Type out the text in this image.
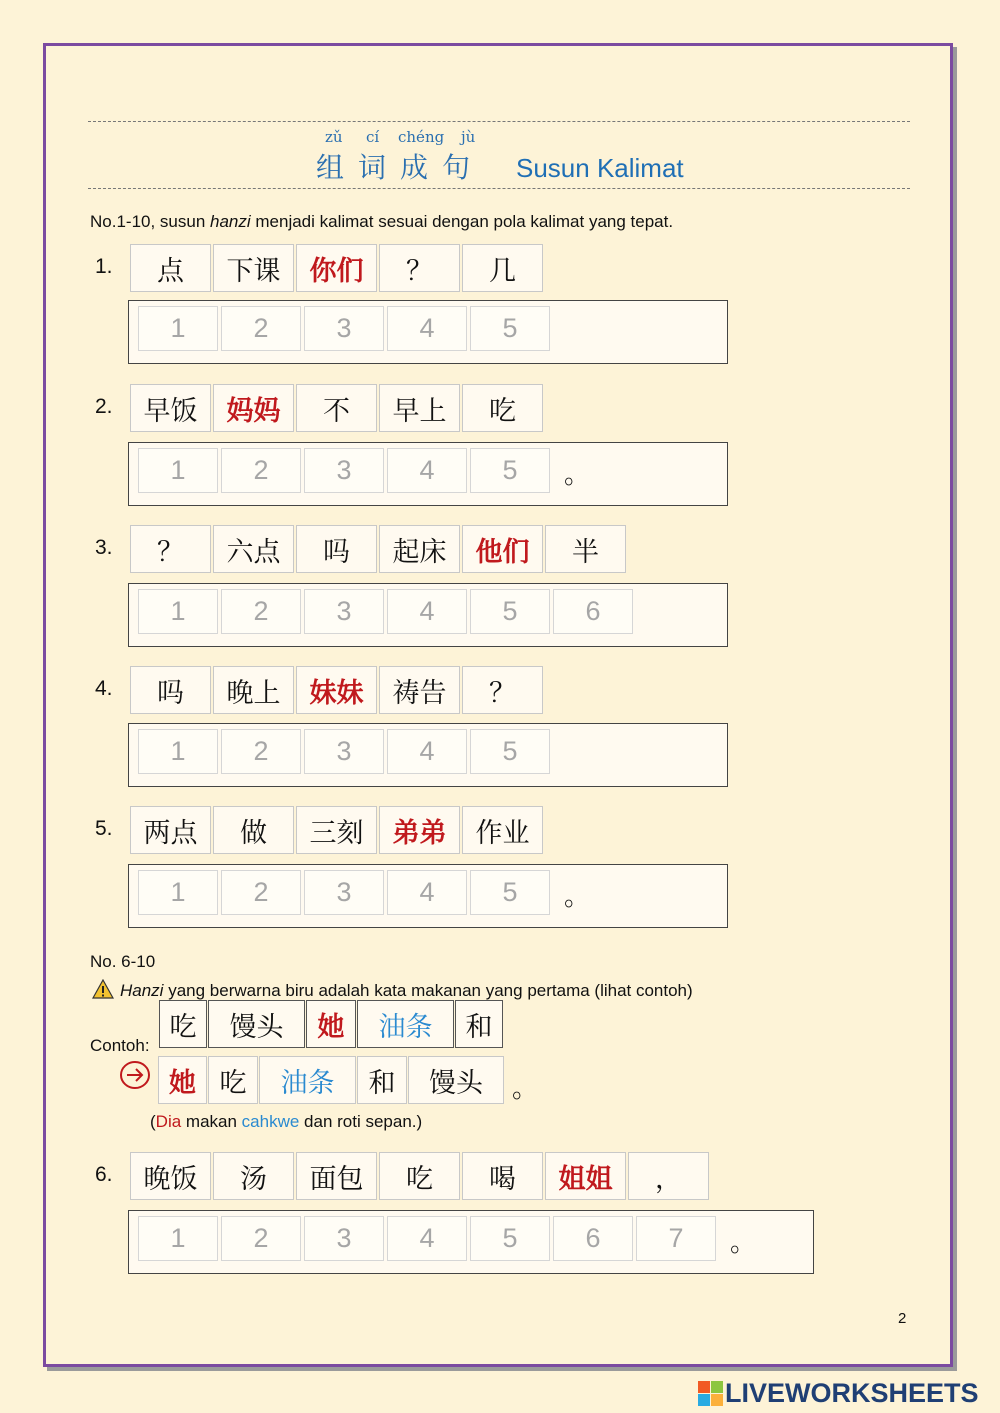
zǔ cí chéng jù
组词成句 Susun Kalimat
No.1-10, susun hanzi menjadi kalimat sesuai dengan pola kalimat yang tepat.
1.	点	下课	你们	？	几
1	2	3	4	5
2.	早饭	妈妈	不	早上	吃
1	2	3	4	5	。
3.	？	六点	吗	起床	他们	半
1	2	3	4	5	6
4.	吗	晚上	妹妹	祷告	？
1	2	3	4	5
5.	两点	做	三刻	弟弟	作业
1	2	3	4	5	。
6.	晚饭	汤	面包	吃	喝	姐姐	，
1	2	3	4	5	6	7	。
No. 6-10
Hanzi yang berwarna biru adalah kata makanan yang pertama (lihat contoh)
Contoh:
吃	馒头	她	油条	和
她 吃	油条	和	馒头	。
(Dia makan cahkwe dan roti sepan.)
2
LIVEWORKSHEETS
